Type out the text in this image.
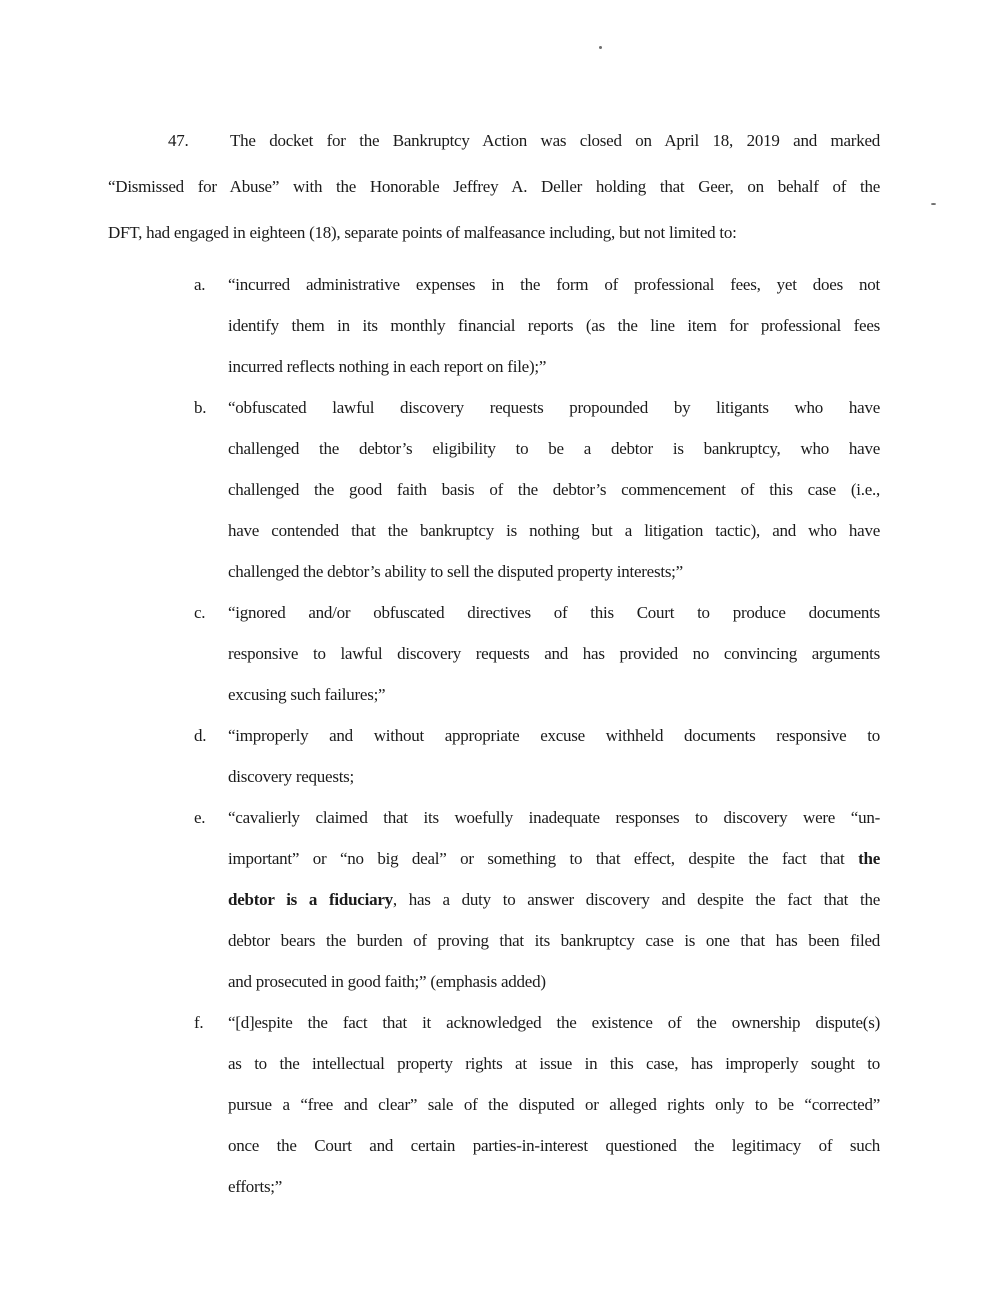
47. The docket for the Bankruptcy Action was closed on April 18, 2019 and marked
“Dismissed for Abuse” with the Honorable Jeffrey A. Deller holding that Geer, on behalf of the
DFT, had engaged in eighteen (18), separate points of malfeasance including, but not limited to:
a. “incurred administrative expenses in the form of professional fees, yet does not
identify them in its monthly financial reports (as the line item for professional fees
incurred reflects nothing in each report on file);”
b. “obfuscated lawful discovery requests propounded by litigants who have
challenged the debtor’s eligibility to be a debtor is bankruptcy, who have
challenged the good faith basis of the debtor’s commencement of this case (i.e.,
have contended that the bankruptcy is nothing but a litigation tactic), and who have
challenged the debtor’s ability to sell the disputed property interests;”
c. “ignored and/or obfuscated directives of this Court to produce documents
responsive to lawful discovery requests and has provided no convincing arguments
excusing such failures;”
d. “improperly and without appropriate excuse withheld documents responsive to
discovery requests;
e. “cavalierly claimed that its woefully inadequate responses to discovery were “un-
important” or “no big deal” or something to that effect, despite the fact that the
debtor is a fiduciary, has a duty to answer discovery and despite the fact that the
debtor bears the burden of proving that its bankruptcy case is one that has been filed
and prosecuted in good faith;” (emphasis added)
f. “[d]espite the fact that it acknowledged the existence of the ownership dispute(s)
as to the intellectual property rights at issue in this case, has improperly sought to
pursue a “free and clear” sale of the disputed or alleged rights only to be “corrected”
once the Court and certain parties-in-interest questioned the legitimacy of such
efforts;”
